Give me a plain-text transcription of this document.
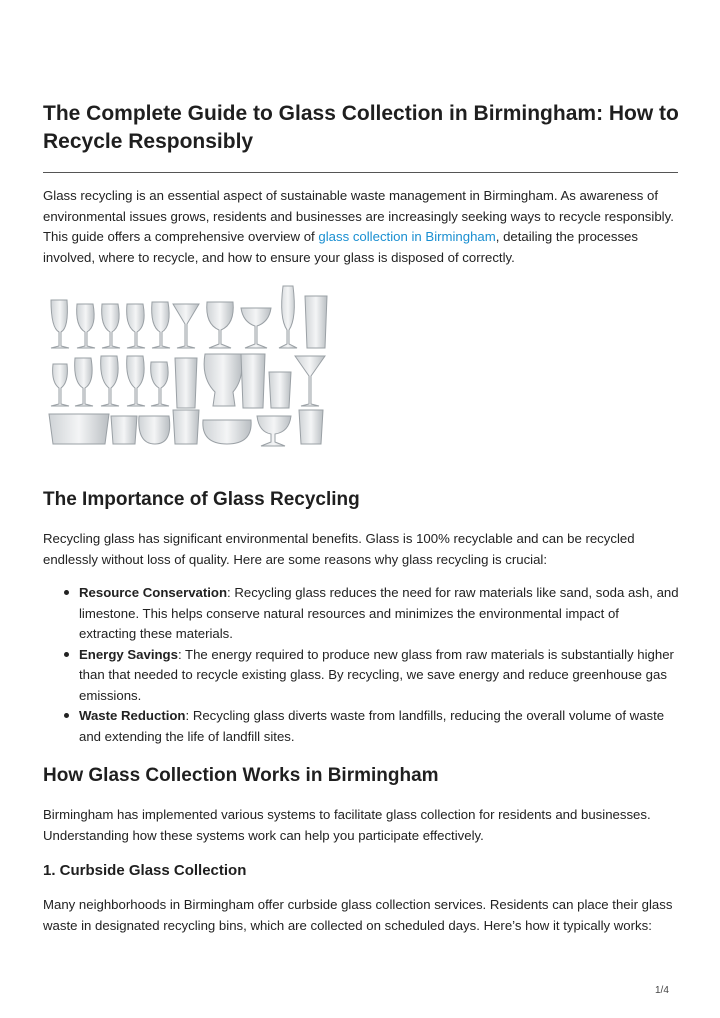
The Complete Guide to Glass Collection in Birmingham: How to Recycle Responsibly

Glass recycling is an essential aspect of sustainable waste management in Birmingham. As awareness of environmental issues grows, residents and businesses are increasingly seeking ways to recycle responsibly. This guide offers a comprehensive overview of glass collection in Birmingham, detailing the processes involved, where to recycle, and how to ensure your glass is disposed of correctly.

The Importance of Glass Recycling

Recycling glass has significant environmental benefits. Glass is 100% recyclable and can be recycled endlessly without loss of quality. Here are some reasons why glass recycling is crucial:

Resource Conservation: Recycling glass reduces the need for raw materials like sand, soda ash, and limestone. This helps conserve natural resources and minimizes the environmental impact of extracting these materials.
Energy Savings: The energy required to produce new glass from raw materials is substantially higher than that needed to recycle existing glass. By recycling, we save energy and reduce greenhouse gas emissions.
Waste Reduction: Recycling glass diverts waste from landfills, reducing the overall volume of waste and extending the life of landfill sites.
How Glass Collection Works in Birmingham

Birmingham has implemented various systems to facilitate glass collection for residents and businesses. Understanding how these systems work can help you participate effectively.

1. Curbside Glass Collection

Many neighborhoods in Birmingham offer curbside glass collection services. Residents can place their glass waste in designated recycling bins, which are collected on scheduled days. Here’s how it typically works:

1/4
